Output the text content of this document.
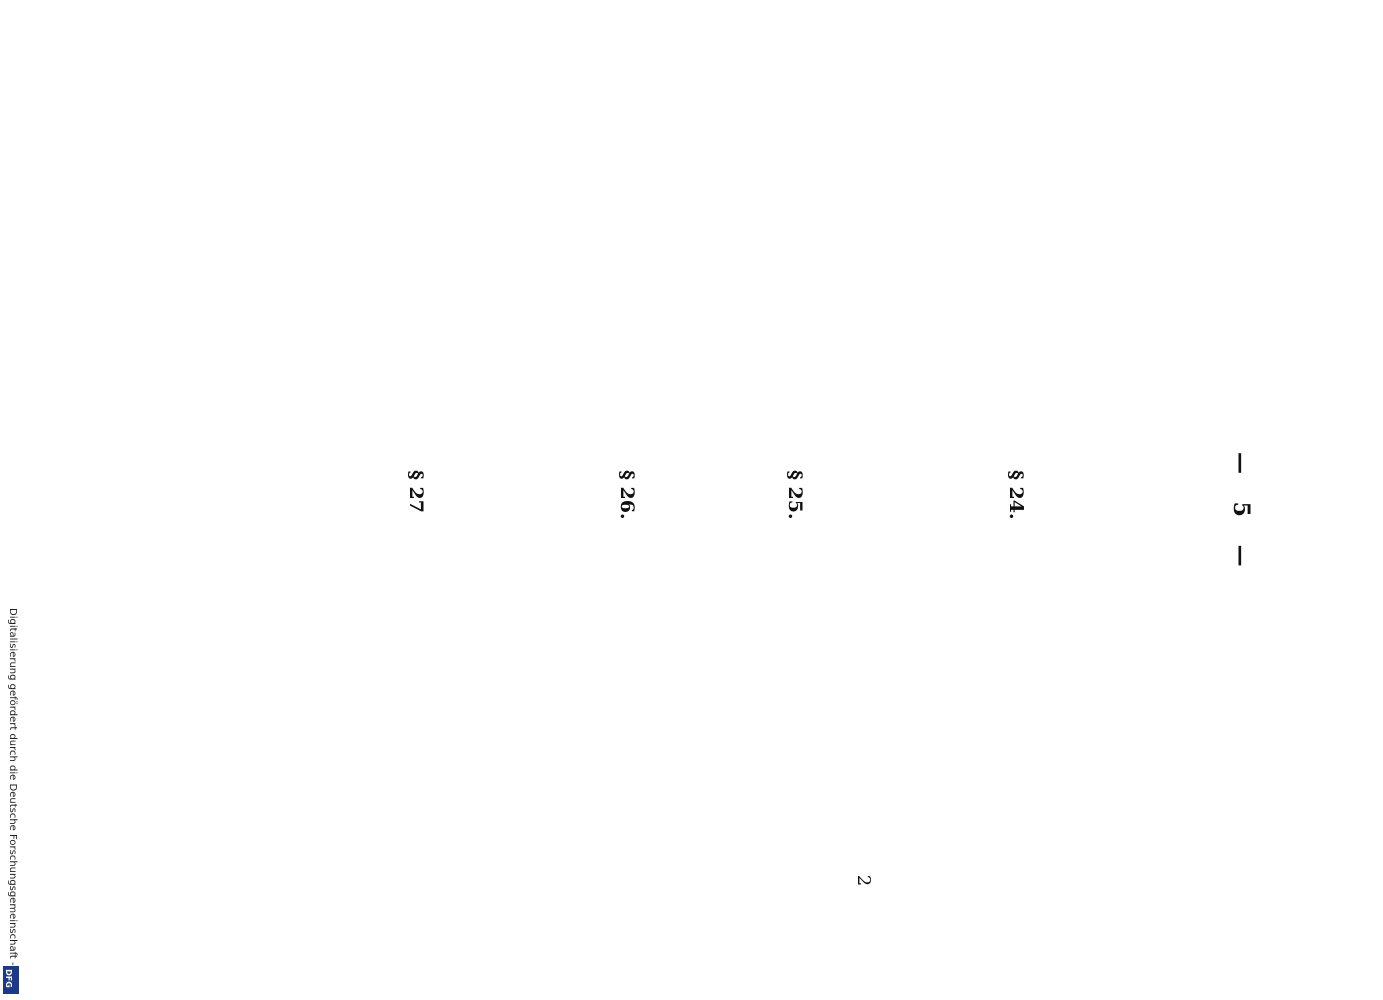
Digitalisierung gefördert durch die Deutsche Forschungsgemeinschaft -
DFG
— 5 —
§ 24.
§ 25.
§ 26.
§ 27
2
